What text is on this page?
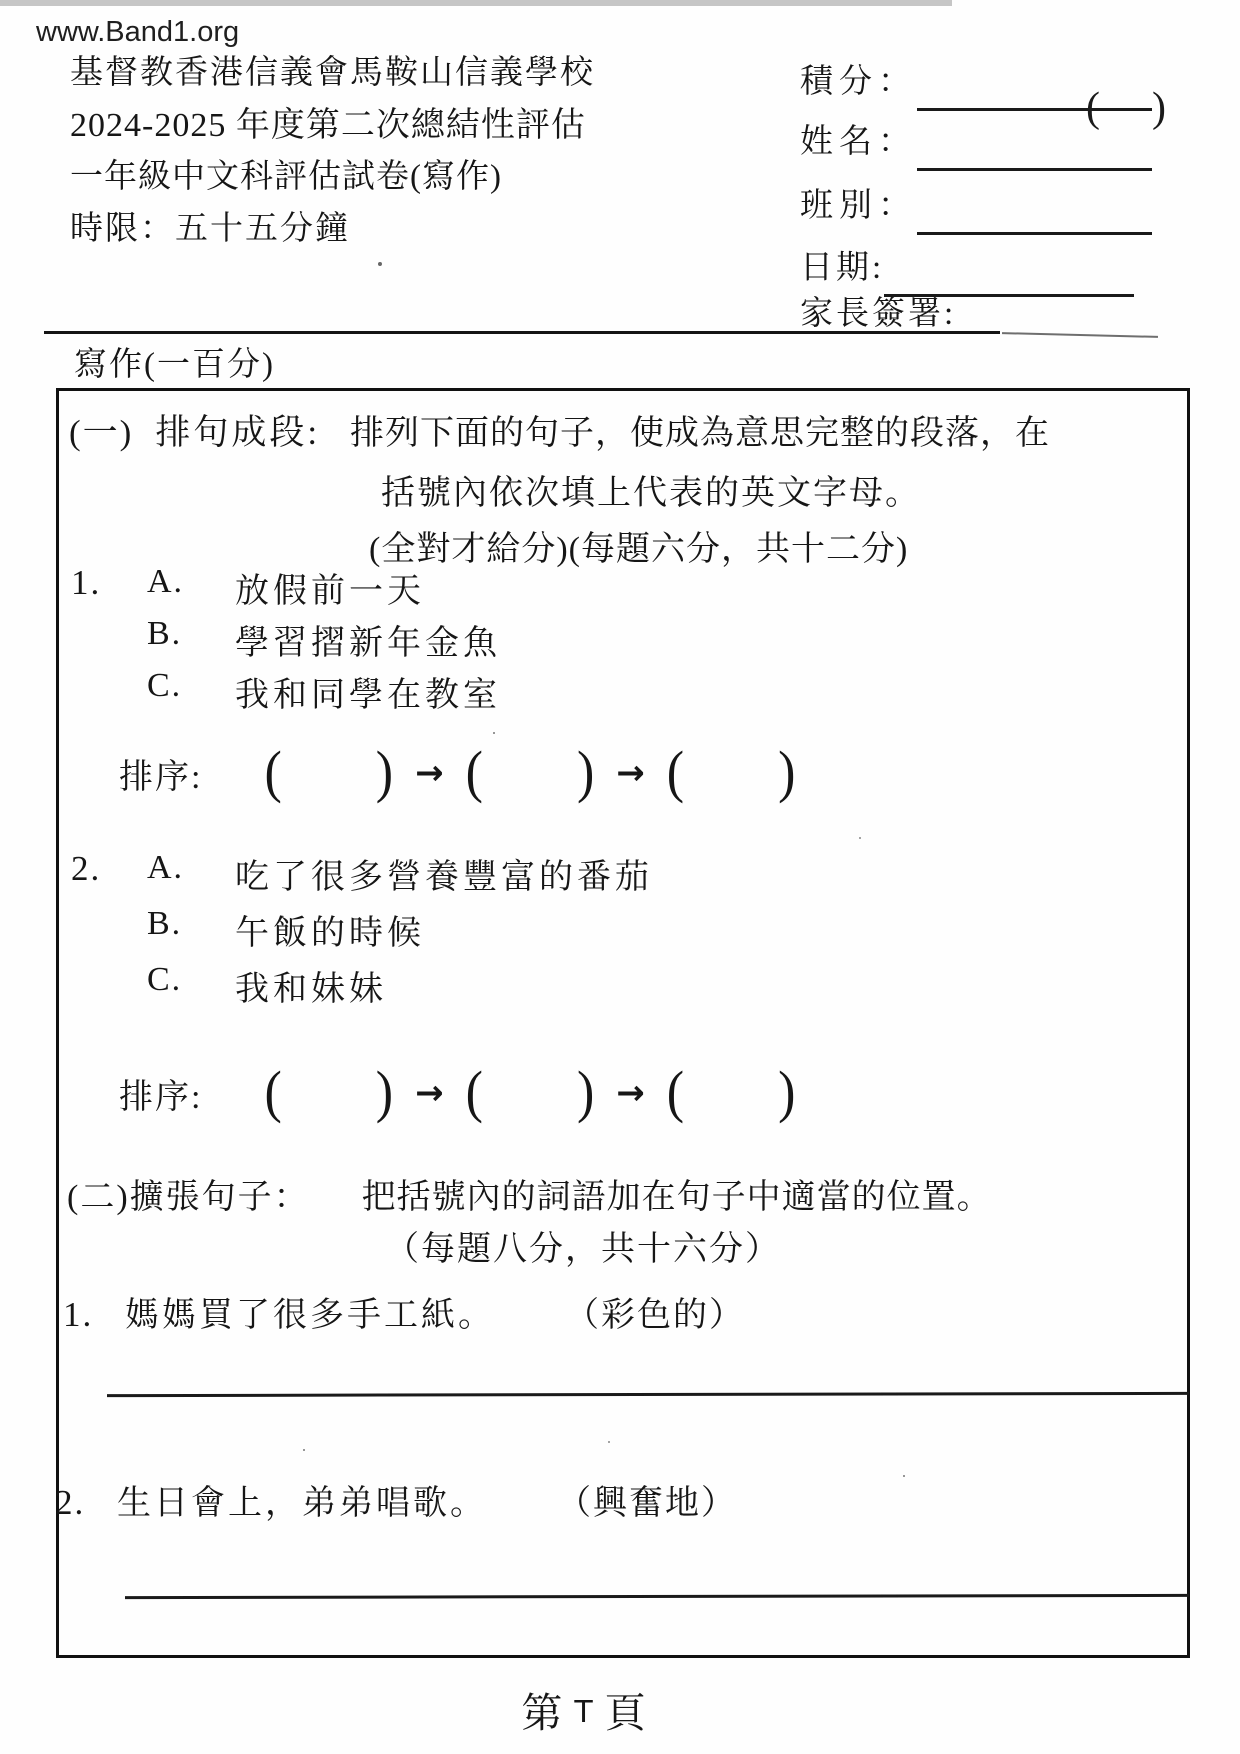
www.Band1.org
基督教香港信義會馬鞍山信義學校
2024-2025 年度第二次總結性評估
一年級中文科評估試卷(寫作)
時限：五十五分鐘
積分：
姓名：
( )
班別：
日期:
家長簽署:
寫作(一百分)
(一) 排句成段: 排列下面的句子，使成為意思完整的段落，在
括號內依次填上代表的英文字母。
(全對才給分)(每題六分，共十二分)
1. A. 放假前一天
B. 學習摺新年金魚
C. 我和同學在教室
排序: ( ) → ( ) → ( )
2. A. 吃了很多營養豐富的番茄
B. 午飯的時候
C. 我和妹妹
排序: ( ) → ( ) → ( )
(二) 擴張句子： 把括號內的詞語加在句子中適當的位置。
（每題八分，共十六分）
1. 媽媽買了很多手工紙。 （彩色的）
2. 生日會上，弟弟唱歌。 （興奮地）
第 T 頁
